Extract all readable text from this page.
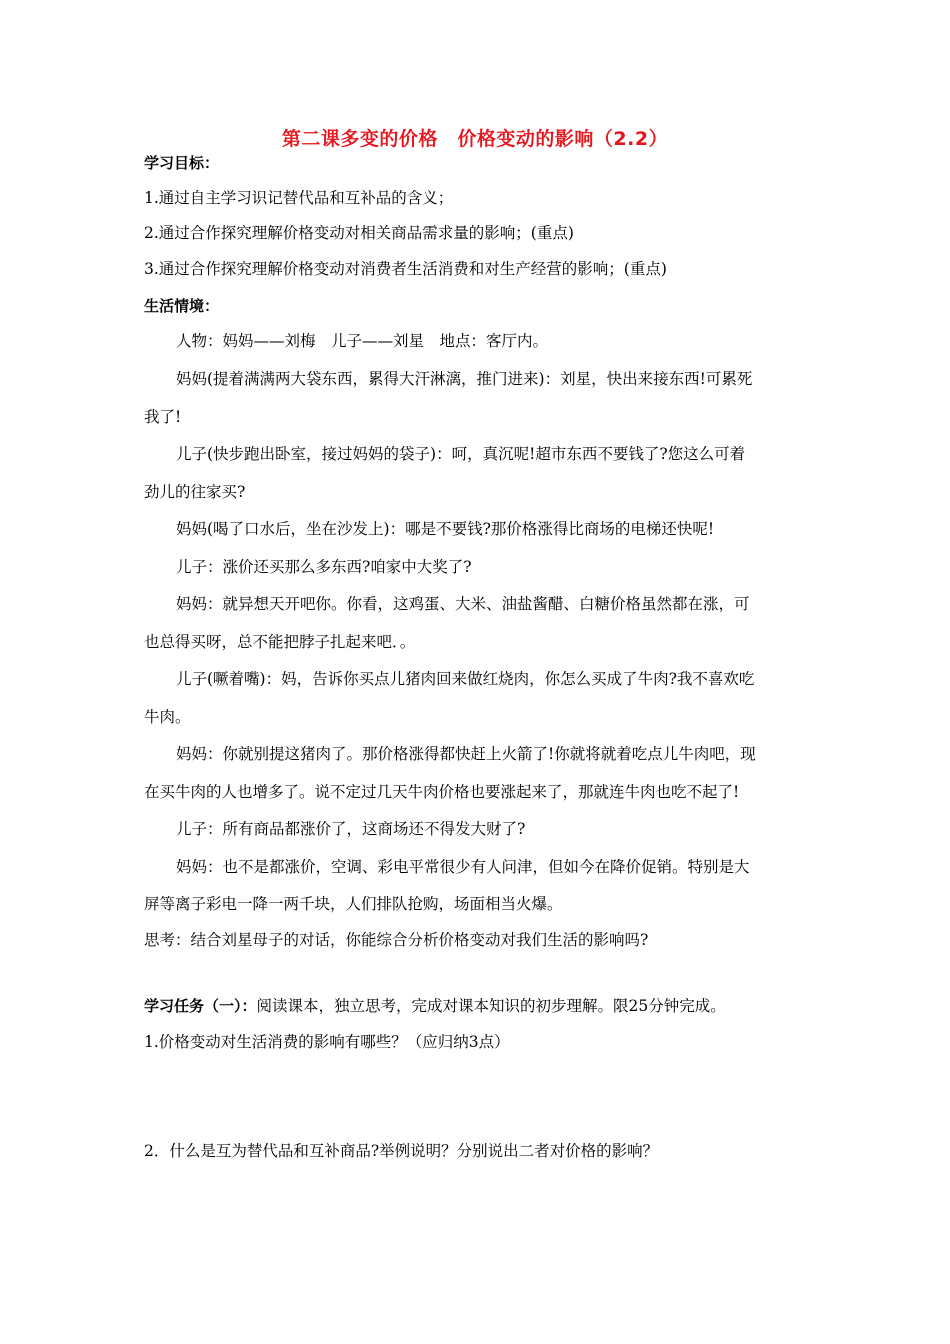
第二课多变的价格　价格变动的影响（2.2）
学习目标：
1.通过自主学习识记替代品和互补品的含义；
2.通过合作探究理解价格变动对相关商品需求量的影响；(重点)
3.通过合作探究理解价格变动对消费者生活消费和对生产经营的影响；(重点)
生活情境：
人物：妈妈——刘梅　儿子——刘星　地点：客厅内。
妈妈(提着满满两大袋东西，累得大汗淋漓，推门进来)：刘星，快出来接东西!可累死
我了!
儿子(快步跑出卧室，接过妈妈的袋子)：呵，真沉呢!超市东西不要钱了?您这么可着
劲儿的往家买?
妈妈(喝了口水后，坐在沙发上)：哪是不要钱?那价格涨得比商场的电梯还快呢!
儿子：涨价还买那么多东西?咱家中大奖了?
妈妈：就异想天开吧你。你看，这鸡蛋、大米、油盐酱醋、白糖价格虽然都在涨，可
也总得买呀，总不能把脖子扎起来吧．。
儿子(噘着嘴)：妈，告诉你买点儿猪肉回来做红烧肉，你怎么买成了牛肉?我不喜欢吃
牛肉。
妈妈：你就别提这猪肉了。那价格涨得都快赶上火箭了!你就将就着吃点儿牛肉吧，现
在买牛肉的人也增多了。说不定过几天牛肉价格也要涨起来了，那就连牛肉也吃不起了!
儿子：所有商品都涨价了，这商场还不得发大财了?
妈妈：也不是都涨价，空调、彩电平常很少有人问津，但如今在降价促销。特别是大
屏等离子彩电一降一两千块，人们排队抢购，场面相当火爆。
思考：结合刘星母子的对话，你能综合分析价格变动对我们生活的影响吗?
学习任务（一）：阅读课本，独立思考，完成对课本知识的初步理解。限25分钟完成。
1.价格变动对生活消费的影响有哪些？（应归纳3点）
2．什么是互为替代品和互补商品?举例说明？分别说出二者对价格的影响？
